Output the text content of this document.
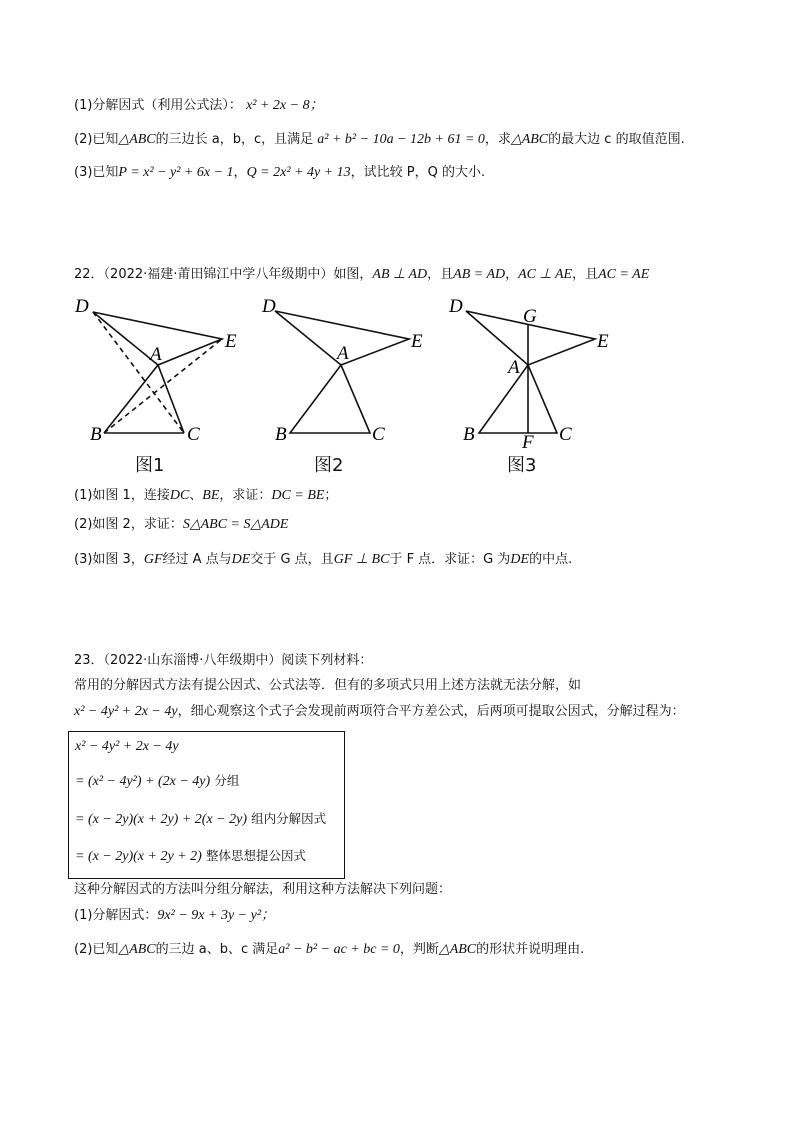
(1)分解因式（利用公式法）： x² + 2x − 8；
(2)已知△ABC的三边长 a，b，c，且满足 a² + b² − 10a − 12b + 61 = 0，求△ABC的最大边 c 的取值范围.
(3)已知P = x² − y² + 6x − 1，Q = 2x² + 4y + 13，试比较 P，Q 的大小.
22．（2022·福建·莆田锦江中学八年级期中）如图，AB ⊥ AD，且AB = AD，AC ⊥ AE，且AC = AE
D
E
A
B	C
D
E
A
B	C
D	G
E
A
B F C
图1	图2	图3
(1)如图 1，连接DC、BE，求证：DC = BE；
(2)如图 2，求证：S△ABC = S△ADE
(3)如图 3，GF经过 A 点与DE交于 G 点，且GF ⊥ BC于 F 点．求证：G 为DE的中点.
23．（2022·山东淄博·八年级期中）阅读下列材料：
常用的分解因式方法有提公因式、公式法等．但有的多项式只用上述方法就无法分解，如
x² − 4y² + 2x − 4y，细心观察这个式子会发现前两项符合平方差公式，后两项可提取公因式，分解过程为：
x² − 4y² + 2x − 4y
= (x² − 4y²) + (2x − 4y) 分组
= (x − 2y)(x + 2y) + 2(x − 2y) 组内分解因式
= (x − 2y)(x + 2y + 2) 整体思想提公因式
这种分解因式的方法叫分组分解法，利用这种方法解决下列问题：
(1)分解因式：9x² − 9x + 3y − y²；
(2)已知△ABC的三边 a、b、c 满足a² − b² − ac + bc = 0，判断△ABC的形状并说明理由.
